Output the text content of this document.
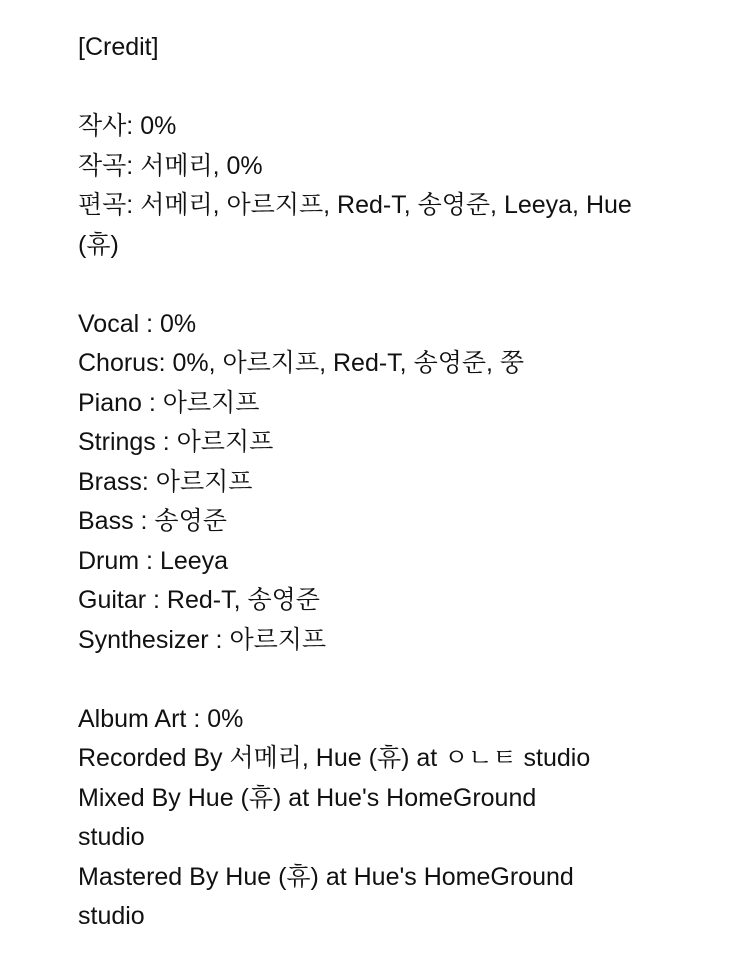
[Credit]
작사: 0%
작곡: 서메리, 0%
편곡: 서메리, 아르지프, Red-T, 송영준, Leeya, Hue
(휴)
Vocal : 0%
Chorus: 0%, 아르지프, Red-T, 송영준, 쭝
Piano : 아르지프
Strings : 아르지프
Brass: 아르지프
Bass : 송영준
Drum : Leeya
Guitar : Red-T, 송영준
Synthesizer : 아르지프
Album Art : 0%
Recorded By 서메리, Hue (휴) at ㅇㄴㅌ studio
Mixed By Hue (휴) at Hue's HomeGround
studio
Mastered By Hue (휴) at Hue's HomeGround
studio
